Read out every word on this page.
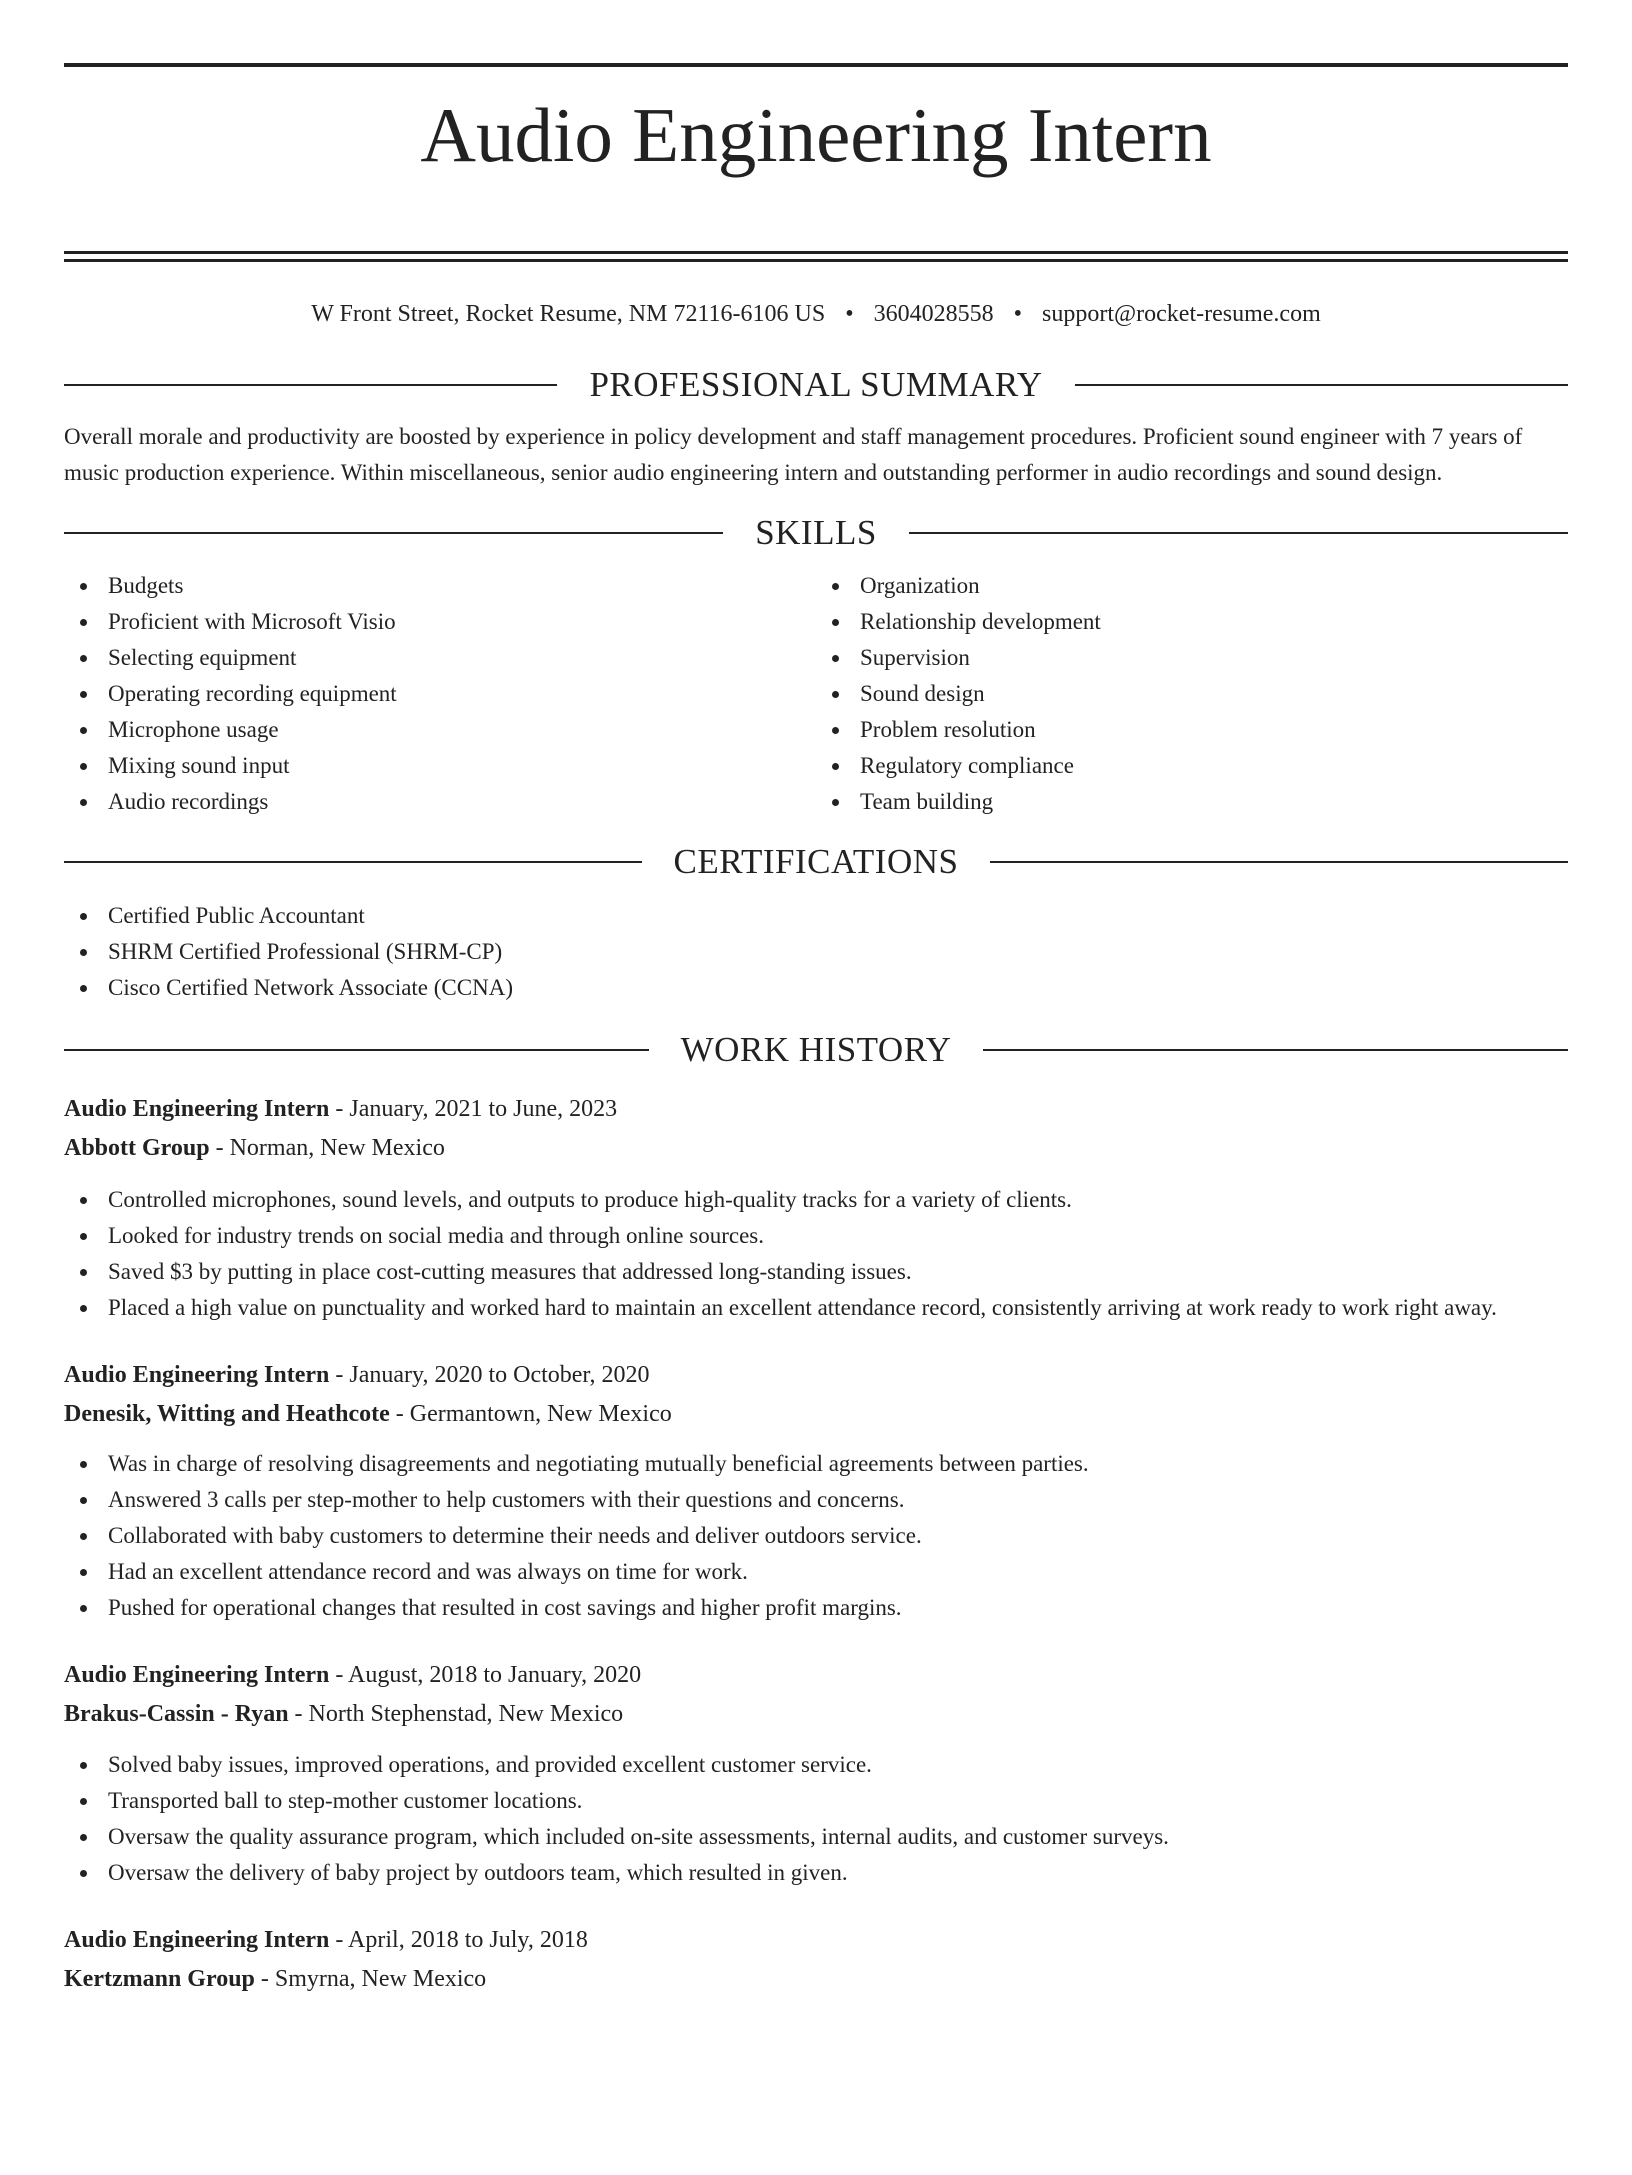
Audio Engineering Intern
W Front Street, Rocket Resume, NM 72116-6106 US • 3604028558 • support@rocket-resume.com
PROFESSIONAL SUMMARY

Overall morale and productivity are boosted by experience in policy development and staff management procedures. Proficient sound engineer with 7 years of music production experience. Within miscellaneous, senior audio engineering intern and outstanding performer in audio recordings and sound design.

SKILLS
Budgets
Proficient with Microsoft Visio
Selecting equipment
Operating recording equipment
Microphone usage
Mixing sound input
Audio recordings
Organization
Relationship development
Supervision
Sound design
Problem resolution
Regulatory compliance
Team building
CERTIFICATIONS
Certified Public Accountant
SHRM Certified Professional (SHRM-CP)
Cisco Certified Network Associate (CCNA)
WORK HISTORY
Audio Engineering Intern - January, 2021 to June, 2023
Abbott Group - Norman, New Mexico
Controlled microphones, sound levels, and outputs to produce high-quality tracks for a variety of clients.
Looked for industry trends on social media and through online sources.
Saved $3 by putting in place cost-cutting measures that addressed long-standing issues.
Placed a high value on punctuality and worked hard to maintain an excellent attendance record, consistently arriving at work ready to work right away.
Audio Engineering Intern - January, 2020 to October, 2020
Denesik, Witting and Heathcote - Germantown, New Mexico
Was in charge of resolving disagreements and negotiating mutually beneficial agreements between parties.
Answered 3 calls per step-mother to help customers with their questions and concerns.
Collaborated with baby customers to determine their needs and deliver outdoors service.
Had an excellent attendance record and was always on time for work.
Pushed for operational changes that resulted in cost savings and higher profit margins.
Audio Engineering Intern - August, 2018 to January, 2020
Brakus-Cassin - Ryan - North Stephenstad, New Mexico
Solved baby issues, improved operations, and provided excellent customer service.
Transported ball to step-mother customer locations.
Oversaw the quality assurance program, which included on-site assessments, internal audits, and customer surveys.
Oversaw the delivery of baby project by outdoors team, which resulted in given.
Audio Engineering Intern - April, 2018 to July, 2018
Kertzmann Group - Smyrna, New Mexico
